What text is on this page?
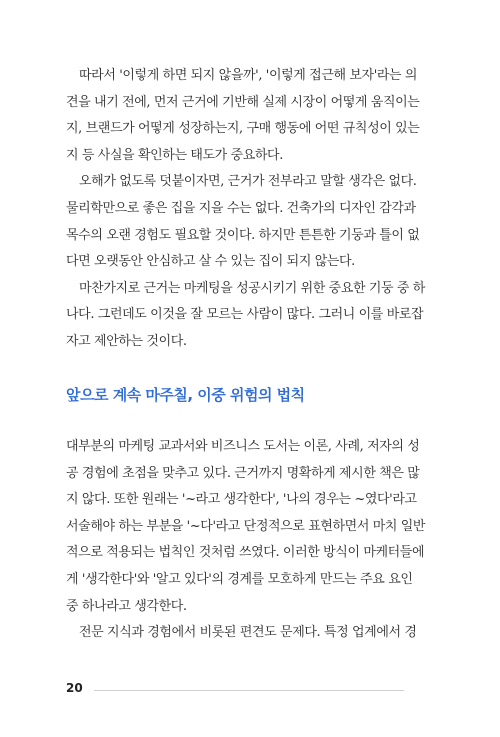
따라서 '이렇게 하면 되지 않을까', '이렇게 접근해 보자'라는 의

견을 내기 전에, 먼저 근거에 기반해 실제 시장이 어떻게 움직이는

지, 브랜드가 어떻게 성장하는지, 구매 행동에 어떤 규칙성이 있는

지 등 사실을 확인하는 태도가 중요하다.

오해가 없도록 덧붙이자면, 근거가 전부라고 말할 생각은 없다.

물리학만으로 좋은 집을 지을 수는 없다. 건축가의 디자인 감각과

목수의 오랜 경험도 필요할 것이다. 하지만 튼튼한 기둥과 틀이 없

다면 오랫동안 안심하고 살 수 있는 집이 되지 않는다.

마찬가지로 근거는 마케팅을 성공시키기 위한 중요한 기둥 중 하

나다. 그런데도 이것을 잘 모르는 사람이 많다. 그러니 이를 바로잡

자고 제안하는 것이다.

앞으로 계속 마주칠, 이중 위험의 법칙

대부분의 마케팅 교과서와 비즈니스 도서는 이론, 사례, 저자의 성

공 경험에 초점을 맞추고 있다. 근거까지 명확하게 제시한 책은 많

지 않다. 또한 원래는 '~라고 생각한다', '나의 경우는 ~였다'라고

서술해야 하는 부분을 '~다'라고 단정적으로 표현하면서 마치 일반

적으로 적용되는 법칙인 것처럼 쓰였다. 이러한 방식이 마케터들에

게 '생각한다'와 '알고 있다'의 경계를 모호하게 만드는 주요 요인

중 하나라고 생각한다.

전문 지식과 경험에서 비롯된 편견도 문제다. 특정 업계에서 경

20
